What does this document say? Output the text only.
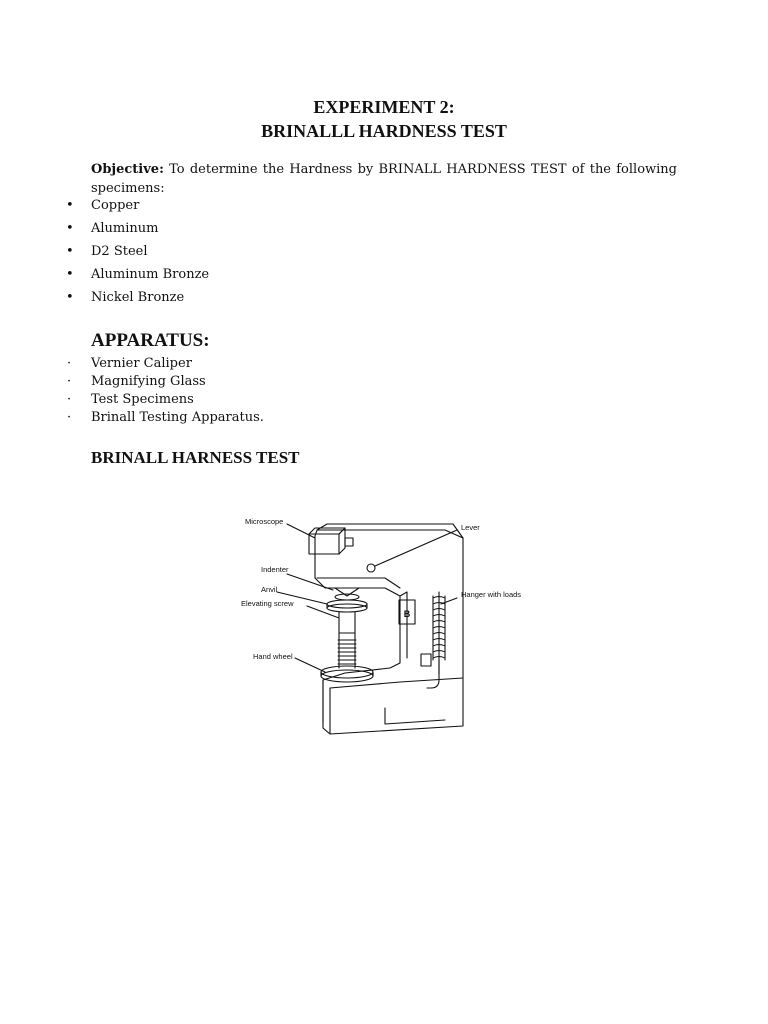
EXPERIMENT 2:
BRINALLL HARDNESS TEST
Objective: To determine the Hardness by BRINALL HARDNESS TEST of the following specimens:
• Copper
• Aluminum
• D2 Steel
• Aluminum Bronze
• Nickel Bronze
APPARATUS:
· Vernier Caliper
· Magnifying Glass
· Test Specimens
· Brinall Testing Apparatus.
BRINALL HARNESS TEST
B
Microscope
Lever
Indenter
Anvil
Elevating screw
Hanger with loads
Hand wheel
